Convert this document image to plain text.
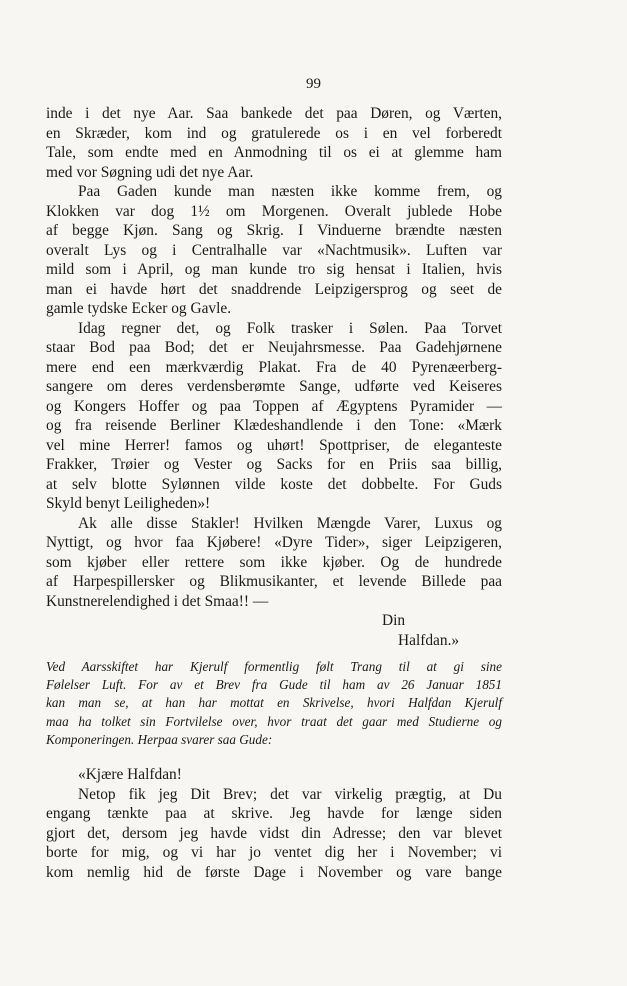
99
inde i det nye Aar. Saa bankede det paa Døren, og Værten,
en Skræder, kom ind og gratulerede os i en vel forberedt
Tale, som endte med en Anmodning til os ei at glemme ham
med vor Søgning udi det nye Aar.
Paa Gaden kunde man næsten ikke komme frem, og
Klokken var dog 1½ om Morgenen. Overalt jublede Hobe
af begge Kjøn. Sang og Skrig. I Vinduerne brændte næsten
overalt Lys og i Centralhalle var «Nachtmusik». Luften var
mild som i April, og man kunde tro sig hensat i Italien, hvis
man ei havde hørt det snaddrende Leipzigersprog og seet de
gamle tydske Ecker og Gavle.
Idag regner det, og Folk trasker i Sølen. Paa Torvet
staar Bod paa Bod; det er Neujahrsmesse. Paa Gadehjørnene
mere end een mærkværdig Plakat. Fra de 40 Pyrenæerberg-
sangere om deres verdensberømte Sange, udførte ved Keiseres
og Kongers Hoffer og paa Toppen af Ægyptens Pyramider —
og fra reisende Berliner Klædeshandlende i den Tone: «Mærk
vel mine Herrer! famos og uhørt! Spottpriser, de eleganteste
Frakker, Trøier og Vester og Sacks for en Priis saa billig,
at selv blotte Sylønnen vilde koste det dobbelte. For Guds
Skyld benyt Leiligheden»!
Ak alle disse Stakler! Hvilken Mængde Varer, Luxus og
Nyttigt, og hvor faa Kjøbere! «Dyre Tider», siger Leipzigeren,
som kjøber eller rettere som ikke kjøber. Og de hundrede
af Harpespillersker og Blikmusikanter, et levende Billede paa
Kunstnerelendighed i det Smaa!! —
Din
Halfdan.»
Ved Aarsskiftet har Kjerulf formentlig følt Trang til at gi sine
Følelser Luft. For av et Brev fra Gude til ham av 26 Januar 1851
kan man se, at han har mottat en Skrivelse, hvori Halfdan Kjerulf
maa ha tolket sin Fortvilelse over, hvor traat det gaar med Studierne og
Komponeringen. Herpaa svarer saa Gude:
«Kjære Halfdan!
Netop fik jeg Dit Brev; det var virkelig prægtig, at Du
engang tænkte paa at skrive. Jeg havde for længe siden
gjort det, dersom jeg havde vidst din Adresse; den var blevet
borte for mig, og vi har jo ventet dig her i November; vi
kom nemlig hid de første Dage i November og vare bange
